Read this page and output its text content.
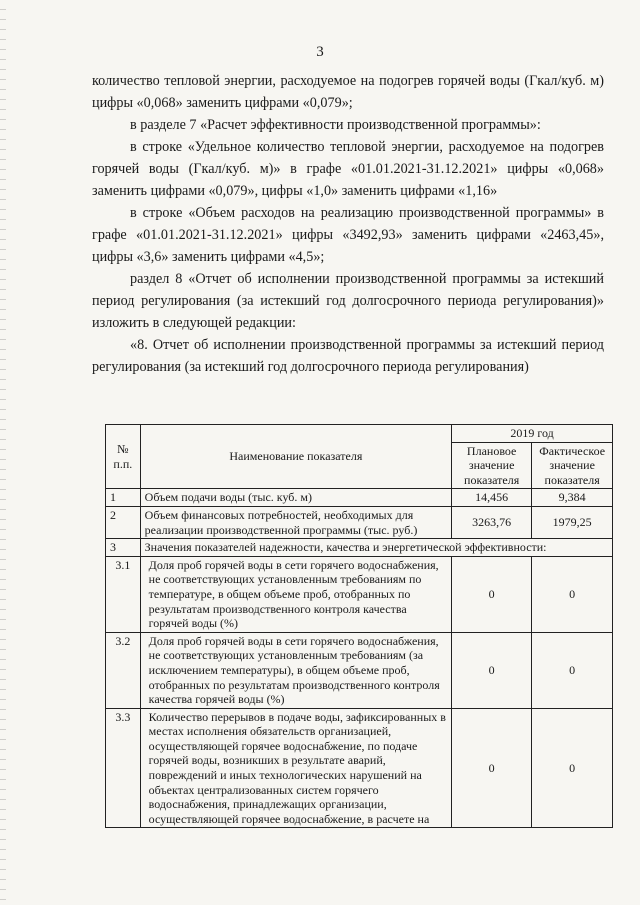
3

количество тепловой энергии, расходуемое на подогрев горячей воды (Гкал/куб. м) цифры «0,068» заменить цифрами «0,079»;

в разделе 7 «Расчет эффективности производственной программы»:

в строке «Удельное количество тепловой энергии, расходуемое на подогрев горячей воды (Гкал/куб. м)» в графе «01.01.2021-31.12.2021» цифры «0,068» заменить цифрами «0,079», цифры «1,0» заменить цифрами «1,16»

в строке «Объем расходов на реализацию производственной программы» в графе «01.01.2021-31.12.2021» цифры «3492,93» заменить цифрами «2463,45», цифры «3,6» заменить цифрами «4,5»;

раздел 8 «Отчет об исполнении производственной программы за истекший период регулирования (за истекший год долгосрочного периода регулирования)» изложить в следующей редакции:

«8. Отчет об исполнении производственной программы за истекший период регулирования (за истекший год долгосрочного периода регулирования)

№ п.п.	Наименование показателя	2019 год	
		Плановое значение показателя	Фактическое значение показателя
1	Объем подачи воды (тыс. куб. м)	14,456	9,384
2	Объем финансовых потребностей, необходимых для реализации производственной программы (тыс. руб.)	3263,76	1979,25
3	Значения показателей надежности, качества и энергетической эффективности:		
3.1	Доля проб горячей воды в сети горячего водоснабжения, не соответствующих установленным требованиям по температуре, в общем объеме проб, отобранных по результатам производственного контроля качества горячей воды (%)	0	0
3.2	Доля проб горячей воды в сети горячего водоснабжения, не соответствующих установленным требованиям (за исключением температуры), в общем объеме проб, отобранных по результатам производственного контроля качества горячей воды (%)	0	0
3.3	Количество перерывов в подаче воды, зафиксированных в местах исполнения обязательств организацией, осуществляющей горячее водоснабжение, по подаче горячей воды, возникших в результате аварий, повреждений и иных технологических нарушений на объектах централизованных систем горячего водоснабжения, принадлежащих организации, осуществляющей горячее водоснабжение, в расчете на	0	0
